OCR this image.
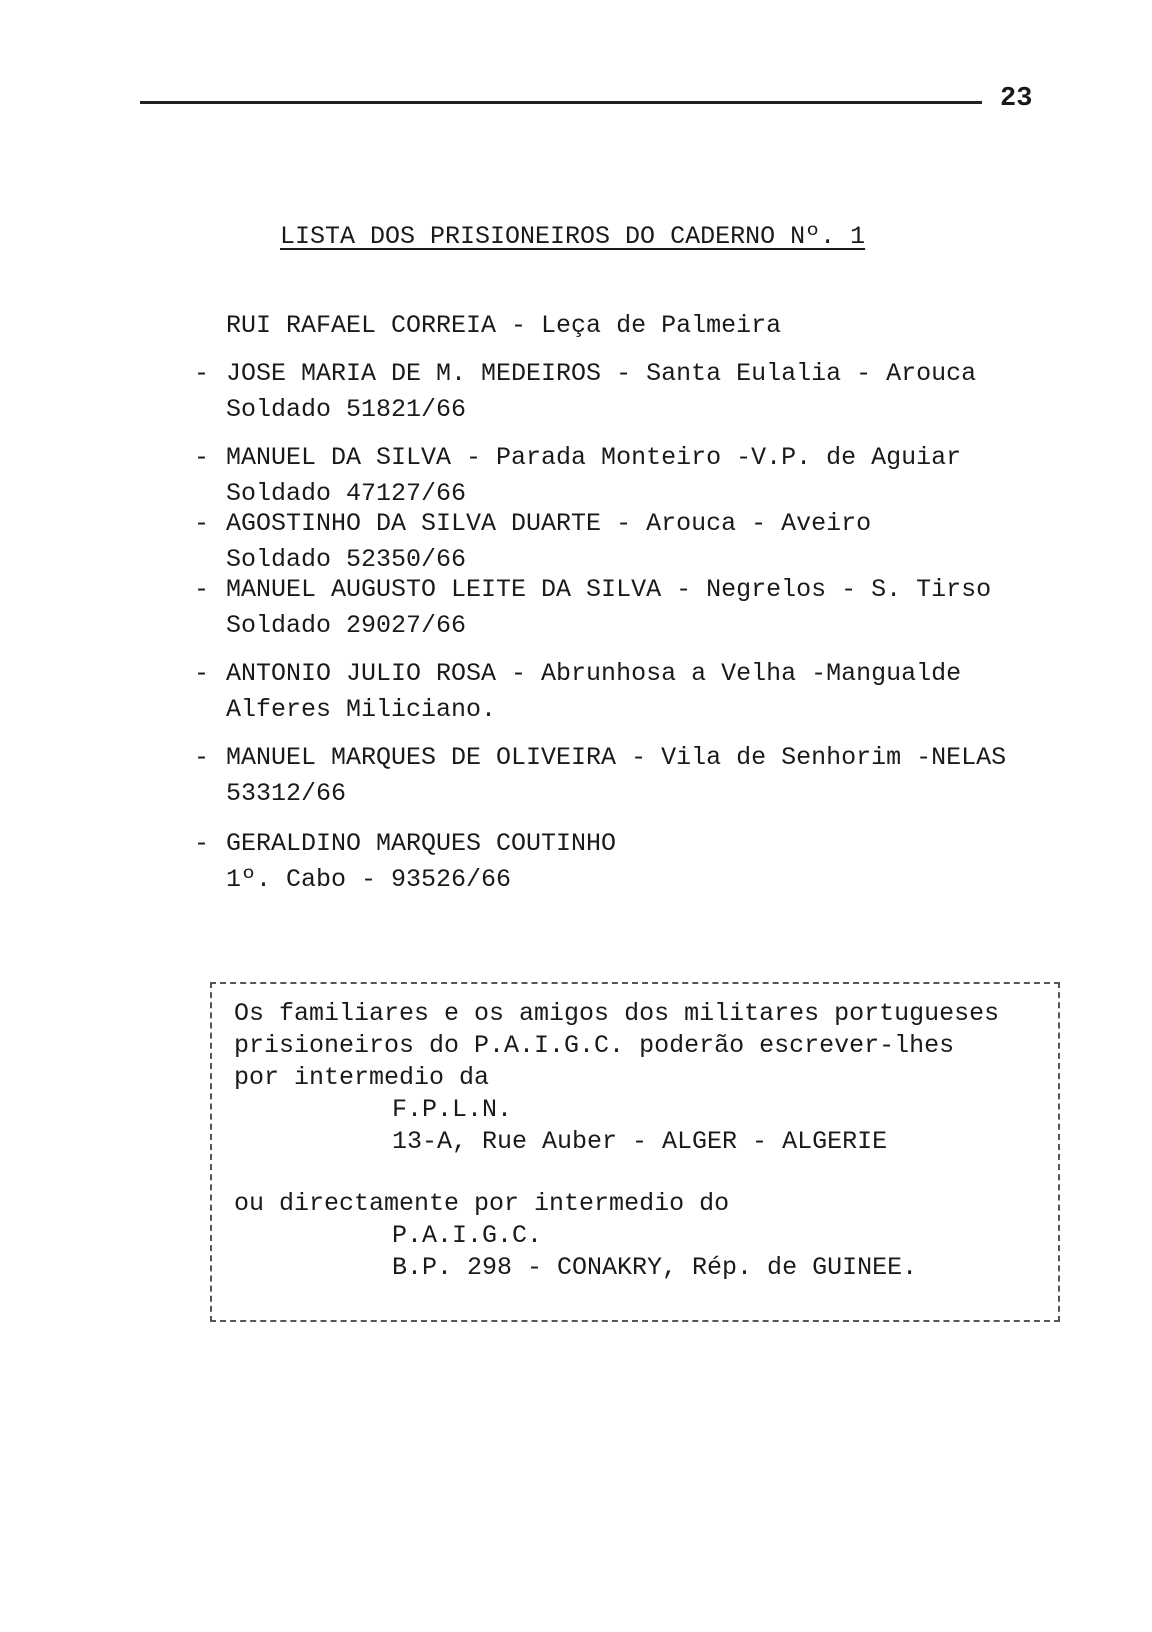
23
LISTA DOS PRISIONEIROS DO CADERNO Nº. 1
RUI RAFAEL CORREIA - Leça de Palmeira
- JOSE MARIA DE M. MEDEIROS - Santa Eulalia - Arouca
Soldado 51821/66
- MANUEL DA SILVA - Parada Monteiro -V.P. de Aguiar
Soldado 47127/66
- AGOSTINHO DA SILVA DUARTE - Arouca - Aveiro
Soldado 52350/66
- MANUEL AUGUSTO LEITE DA SILVA - Negrelos - S. Tirso
Soldado 29027/66
- ANTONIO JULIO ROSA - Abrunhosa a Velha -Mangualde
Alferes Miliciano.
- MANUEL MARQUES DE OLIVEIRA - Vila de Senhorim -NELAS
53312/66
- GERALDINO MARQUES COUTINHO
1º. Cabo - 93526/66
Os familiares e os amigos dos militares portugueses
prisioneiros do P.A.I.G.C. poderão escrever-lhes
por intermedio da
F.P.L.N.
13-A, Rue Auber - ALGER - ALGERIE
ou directamente por intermedio do
P.A.I.G.C.
B.P. 298 - CONAKRY, Rép. de GUINEE.
